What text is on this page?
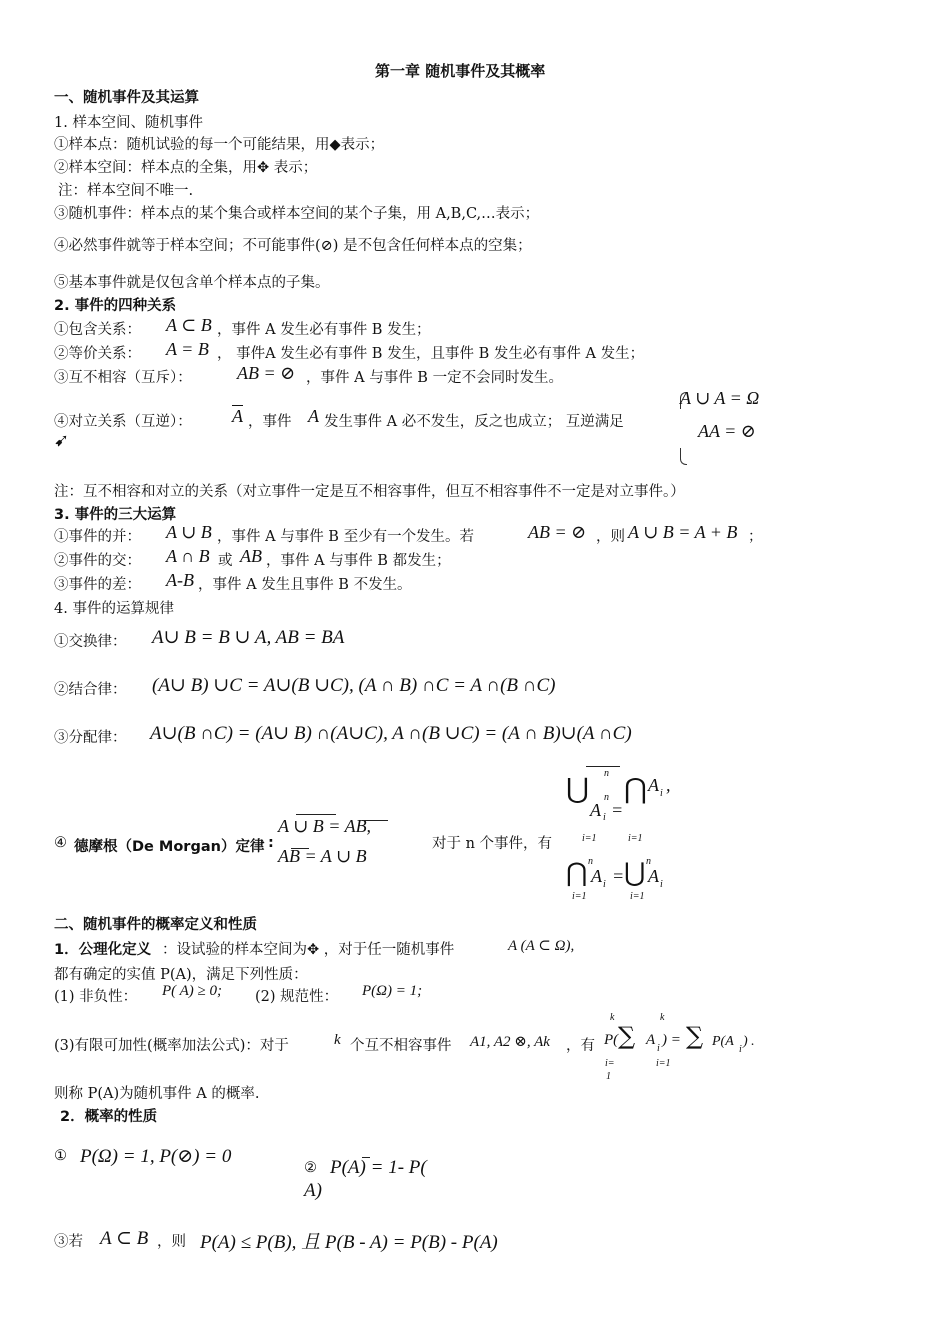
第一章 随机事件及其概率
一、随机事件及其运算
1. 样本空间、随机事件
①样本点：随机试验的每一个可能结果，用◆表示；
②样本空间：样本点的全集，用✥ 表示；
注：样本空间不唯一.
③随机事件：样本点的某个集合或样本空间的某个子集，用 A,B,C,…表示；
④必然事件就等于样本空间；不可能事件(⊘) 是不包含任何样本点的空集；
⑤基本事件就是仅包含单个样本点的子集。
2. 事件的四种关系
①包含关系： A ⊂ B ，事件 A 发生必有事件 B 发生；
②等价关系： A = B ， 事件A 发生必有事件 B 发生，且事件 B 发生必有事件 A 发生；
③互不相容（互斥）：	AB = ⊘ ，事件 A 与事件 B 一定不会同时发生。
④对立关系（互逆）： $\overline{A}$ ，事件 A 发生事件 A 必不发生，反之也成立； 互逆满足
A ∪ A = Ω
AA = ⊘
➹
注：互不相容和对立的关系（对立事件一定是互不相容事件，但互不相容事件不一定是对立事件。）
3. 事件的三大运算
①事件的并： A ∪ B ，事件 A 与事件 B 至少有一个发生。若	AB = ⊘ ，则 A ∪ B = A + B ；
②事件的交： A ∩ B 或 AB ，事件 A 与事件 B 都发生；
③事件的差： A-B ，事件 A 发生且事件 B 不发生。
4. 事件的运算规律
①交换律： A∪ B = B ∪ A, AB = BA
②结合律： (A∪ B) ∪C = A∪(B ∪C), (A ∩ B) ∩C = A ∩(B ∩C)
③分配律： A∪(B ∩C) = (A∪ B) ∩(A∪C), A ∩(B ∪C) = (A ∩ B)∪(A ∩C)
④ 德摩根（De Morgan）定律 :
A ∪ B = AB,
AB = A ∪ B
对于 n 个事件，有
⋃ n
n
A i =
⋂ A i ,
i=1	i=1
n	n
⋂ A i = ⋃ A i
i=1	i=1
二、随机事件的概率定义和性质
1．公理化定义 ：设试验的样本空间为✥ ，对于任一随机事件	A (A ⊂ Ω),
都有确定的实值 P(A)，满足下列性质：
(1) 非负性： P( A) ≥ 0; (2) 规范性： P(Ω) = 1;
(3)有限可加性(概率加法公式)：对于	k 个互不相容事件 A1, A2 ⊗, Ak ，有
k	k
P( ∑ A
i
) = ∑ P(A
i
) .
i=
1
i=1
则称 P(A)为随机事件 A 的概率.
2．概率的性质
① P(Ω) = 1, P(⊘) = 0
② P(A) = 1- P(
A)
③若 A ⊂ B ，则 P(A) ≤ P(B), 且 P(B - A) = P(B) - P(A)
